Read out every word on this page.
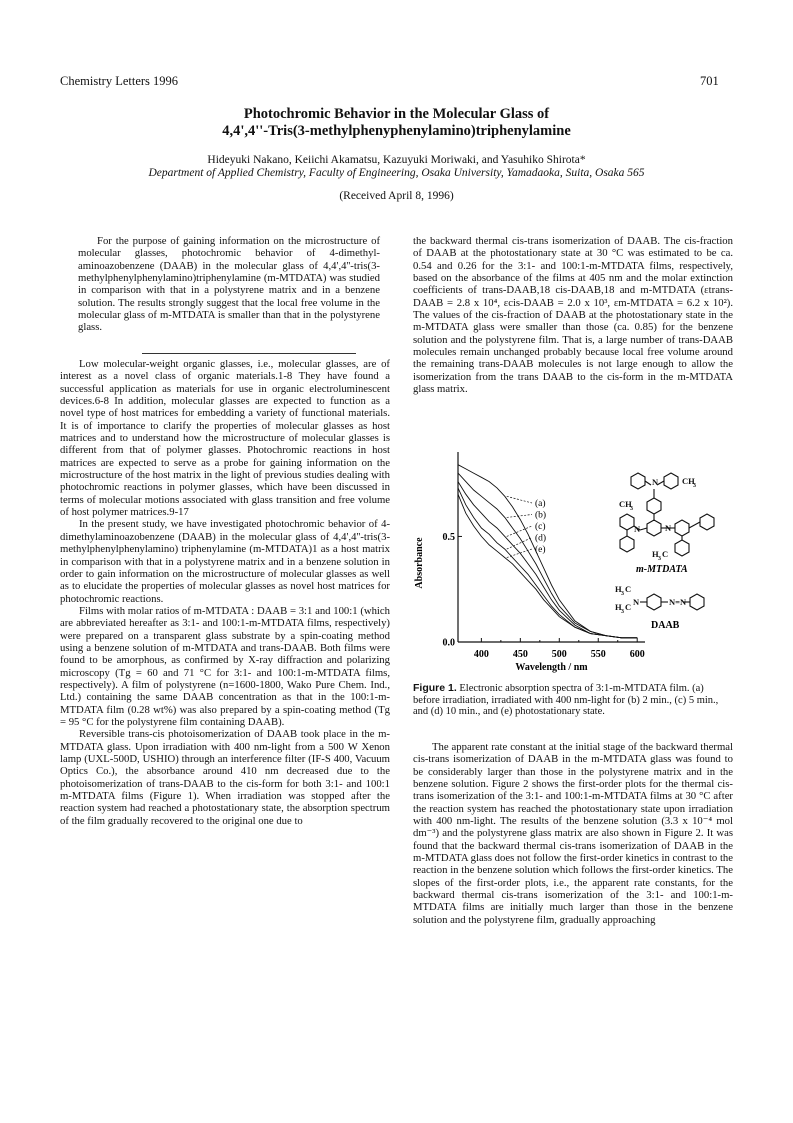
Chemistry Letters 1996	701
Photochromic Behavior in the Molecular Glass of
4,4',4''-Tris(3-methylphenyphenylamino)triphenylamine
Hideyuki Nakano, Keiichi Akamatsu, Kazuyuki Moriwaki, and Yasuhiko Shirota*
Department of Applied Chemistry, Faculty of Engineering, Osaka University, Yamadaoka, Suita, Osaka 565
(Received April 8, 1996)

For the purpose of gaining information on the microstructure of molecular glasses, photochromic behavior of 4-dimethyl-aminoazobenzene (DAAB) in the molecular glass of 4,4',4''-tris(3-methylphenylphenylamino)triphenylamine (m-MTDATA) was studied in comparison with that in a polystyrene matrix and in a benzene solution. The results strongly suggest that the local free volume in the molecular glass of m-MTDATA is smaller than that in the polystyrene glass.

Low molecular-weight organic glasses, i.e., molecular glasses, are of interest as a novel class of organic materials.1-8 They have found a successful application as materials for use in organic electroluminescent devices.6-8 In addition, molecular glasses are expected to function as a novel type of host matrices for embedding a variety of functional materials. It is of importance to clarify the properties of molecular glasses as host matrices and to understand how the microstructure of molecular glasses is different from that of polymer glasses. Photochromic reactions in host matrices are expected to serve as a probe for gaining information on the microstructure of the host matrix in the light of previous studies dealing with photochromic reactions in polymer glasses, which have been discussed in terms of molecular motions associated with glass transition and free volume of host polymer matrices.9-17

In the present study, we have investigated photochromic behavior of 4-dimethylaminoazobenzene (DAAB) in the molecular glass of 4,4',4''-tris(3-methylphenylphenylamino) triphenylamine (m-MTDATA)1 as a host matrix in comparison with that in a polystyrene matrix and in a benzene solution in order to gain information on the microstructure of molecular glasses as well as to elucidate the properties of molecular glasses as novel host matrices for photochromic reactions.

Films with molar ratios of m-MTDATA : DAAB = 3:1 and 100:1 (which are abbreviated hereafter as 3:1- and 100:1-m-MTDATA films, respectively) were prepared on a transparent glass substrate by a spin-coating method using a benzene solution of m-MTDATA and trans-DAAB. Both films were found to be amorphous, as confirmed by X-ray diffraction and polarizing microscopy (Tg = 60 and 71 °C for 3:1- and 100:1-m-MTDATA films, respectively). A film of polystyrene (n=1600-1800, Wako Pure Chem. Ind., Ltd.) containing the same DAAB concentration as that in the 100:1-m-MTDATA film (0.28 wt%) was also prepared by a spin-coating method (Tg = 95 °C for the polystyrene film containing DAAB).

Reversible trans-cis photoisomerization of DAAB took place in the m-MTDATA glass. Upon irradiation with 400 nm-light from a 500 W Xenon lamp (UXL-500D, USHIO) through an interference filter (IF-S 400, Vacuum Optics Co.), the absorbance around 410 nm decreased due to the photoisomerization of trans-DAAB to the cis-form for both 3:1- and 100:1 m-MTDATA films (Figure 1). When irradiation was stopped after the reaction system had reached a photostationary state, the absorption spectrum of the film gradually recovered to the original one due to

the backward thermal cis-trans isomerization of DAAB. The cis-fraction of DAAB at the photostationary state at 30 °C was estimated to be ca. 0.54 and 0.26 for the 3:1- and 100:1-m-MTDATA films, respectively, based on the absorbance of the films at 405 nm and the molar extinction coefficients of trans-DAAB,18 cis-DAAB,18 and m-MTDATA (εtrans-DAAB = 2.8 x 10⁴, εcis-DAAB = 2.0 x 10³, εm-MTDATA = 6.2 x 10²). The values of the cis-fraction of DAAB at the photostationary state in the m-MTDATA glass were smaller than those (ca. 0.85) for the benzene solution and the polystyrene film. That is, a large number of trans-DAAB molecules remain unchanged probably because local free volume around the remaining trans-DAAB molecules is not large enough to allow the isomerization from the trans DAAB to the cis-form in the m-MTDATA glass matrix.

400 450 500 550 600
0.0
0.5
Wavelength / nm
Absorbance
(a)
(b)
(c)
(d)
(e)
N	CH
3
CH
3
N	N
H 3 C
H 3 C
N
H 3 C	N=N
m-MTDATA
DAAB
Figure 1. Electronic absorption spectra of 3:1-m-MTDATA film. (a) before irradiation, irradiated with 400 nm-light for (b) 2 min., (c) 5 min., and (d) 10 min., and (e) photostationary state.

The apparent rate constant at the initial stage of the backward thermal cis-trans isomerization of DAAB in the m-MTDATA glass was found to be considerably larger than those in the polystyrene matrix and in the benzene solution. Figure 2 shows the first-order plots for the thermal cis-trans isomerization of the 3:1- and 100:1-m-MTDATA films at 30 °C after the reaction system has reached the photostationary state upon irradiation with 400 nm-light. The results of the benzene solution (3.3 x 10⁻⁴ mol dm⁻³) and the polystyrene glass matrix are also shown in Figure 2. It was found that the backward thermal cis-trans isomerization of DAAB in the m-MTDATA glass does not follow the first-order kinetics in contrast to the reaction in the benzene solution which follows the first-order kinetics. The slopes of the first-order plots, i.e., the apparent rate constants, for the backward thermal cis-trans isomerization of the 3:1- and 100:1-m-MTDATA films are initially much larger than those in the benzene solution and the polystyrene film, gradually approaching
